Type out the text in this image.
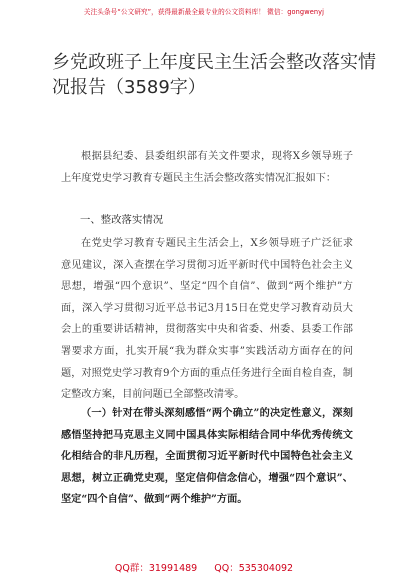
关注头条号“公文研究”，获得最新最全最专业的公文资料库！ 微信：gongwenyj
乡党政班子上年度民主生活会整改落实情况报告（3589字）

根据县纪委、县委组织部有关文件要求，现将X乡领导班子上年度党史学习教育专题民主生活会整改落实情况汇报如下：

一、整改落实情况

在党史学习教育专题民主生活会上，X乡领导班子广泛征求意见建议，深入查摆在学习贯彻习近平新时代中国特色社会主义思想，增强“四个意识”、坚定“四个自信”、做到“两个维护”方面，深入学习贯彻习近平总书记3月15日在党史学习教育动员大会上的重要讲话精神，贯彻落实中央和省委、州委、县委工作部署要求方面，扎实开展“我为群众实事”实践活动方面存在的问题，对照党史学习教育9个方面的重点任务进行全面自检自查，制定整改方案，目前问题已全部整改清零。

（一）针对在带头深刻感悟“两个确立”的决定性意义，深刻感悟坚持把马克思主义同中国具体实际相结合同中华优秀传统文化相结合的非凡历程，全面贯彻习近平新时代中国特色社会主义思想，树立正确党史观，坚定信仰信念信心，增强“四个意识”、坚定“四个自信”、做到“两个维护”方面。

QQ群：31991489 QQ：535304092
